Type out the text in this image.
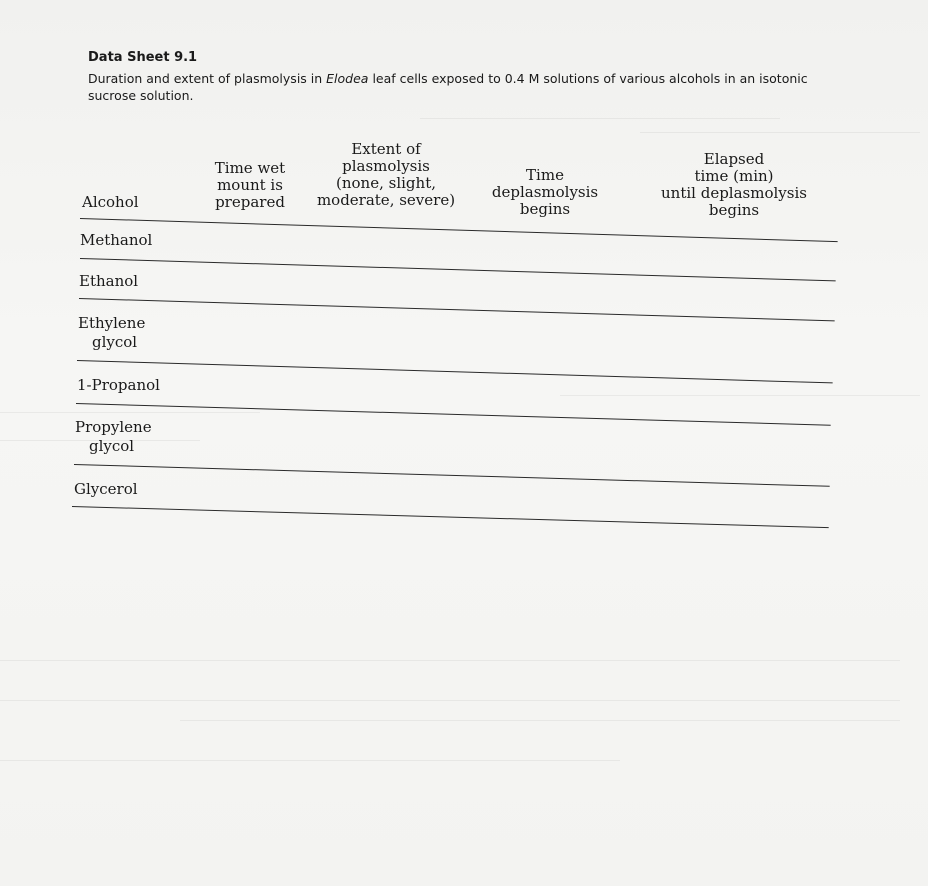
Data Sheet 9.1
Duration and extent of plasmolysis in Elodea leaf cells exposed to 0.4 M solutions of various alcohols in an isotonic sucrose solution.
Alcohol
Time wet
mount is
prepared
Extent of
plasmolysis
(none, slight,
moderate, severe)
Time
deplasmolysis
begins
Elapsed
time (min)
until deplasmolysis
begins
Methanol
Ethanol
Ethylene
glycol
1-Propanol
Propylene
glycol
Glycerol
